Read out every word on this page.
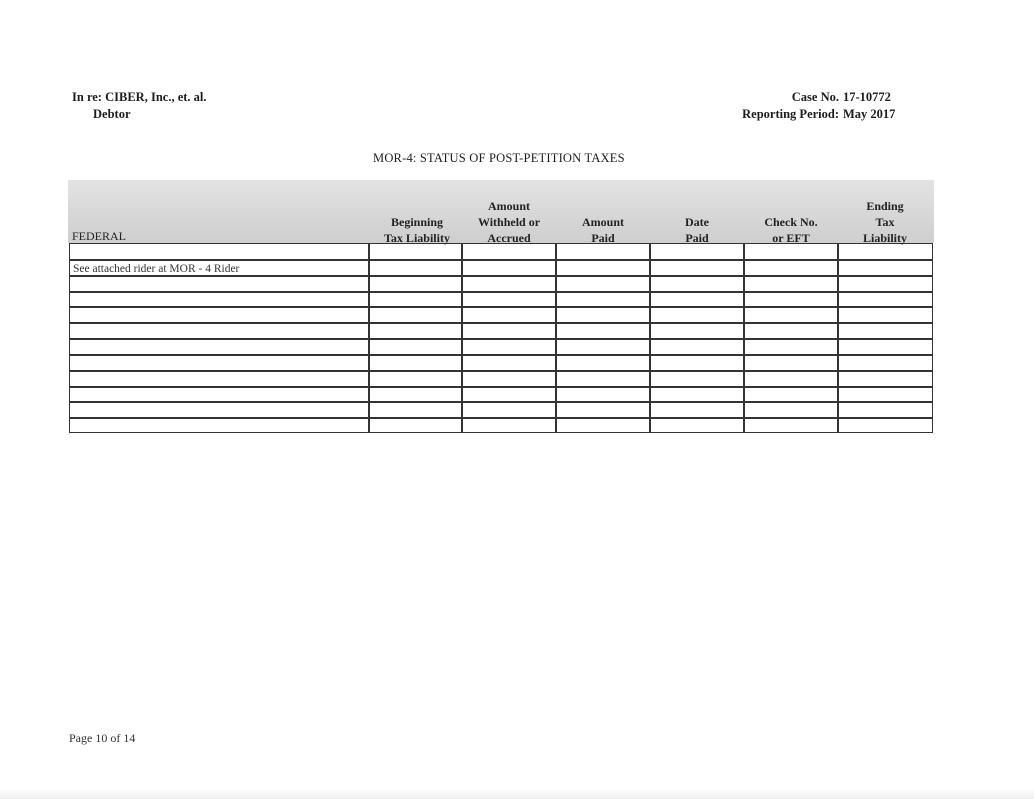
In re: CIBER, Inc., et. al.
Debtor
Case No. 17-10772
Reporting Period: May 2017
MOR-4: STATUS OF POST-PETITION TAXES
FEDERAL
Beginning
Tax Liability
Amount
Withheld or
Accrued
Amount
Paid
Date
Paid
Check No.
or EFT
Ending
Tax
Liability
See attached rider at MOR - 4 Rider
Page 10 of 14
